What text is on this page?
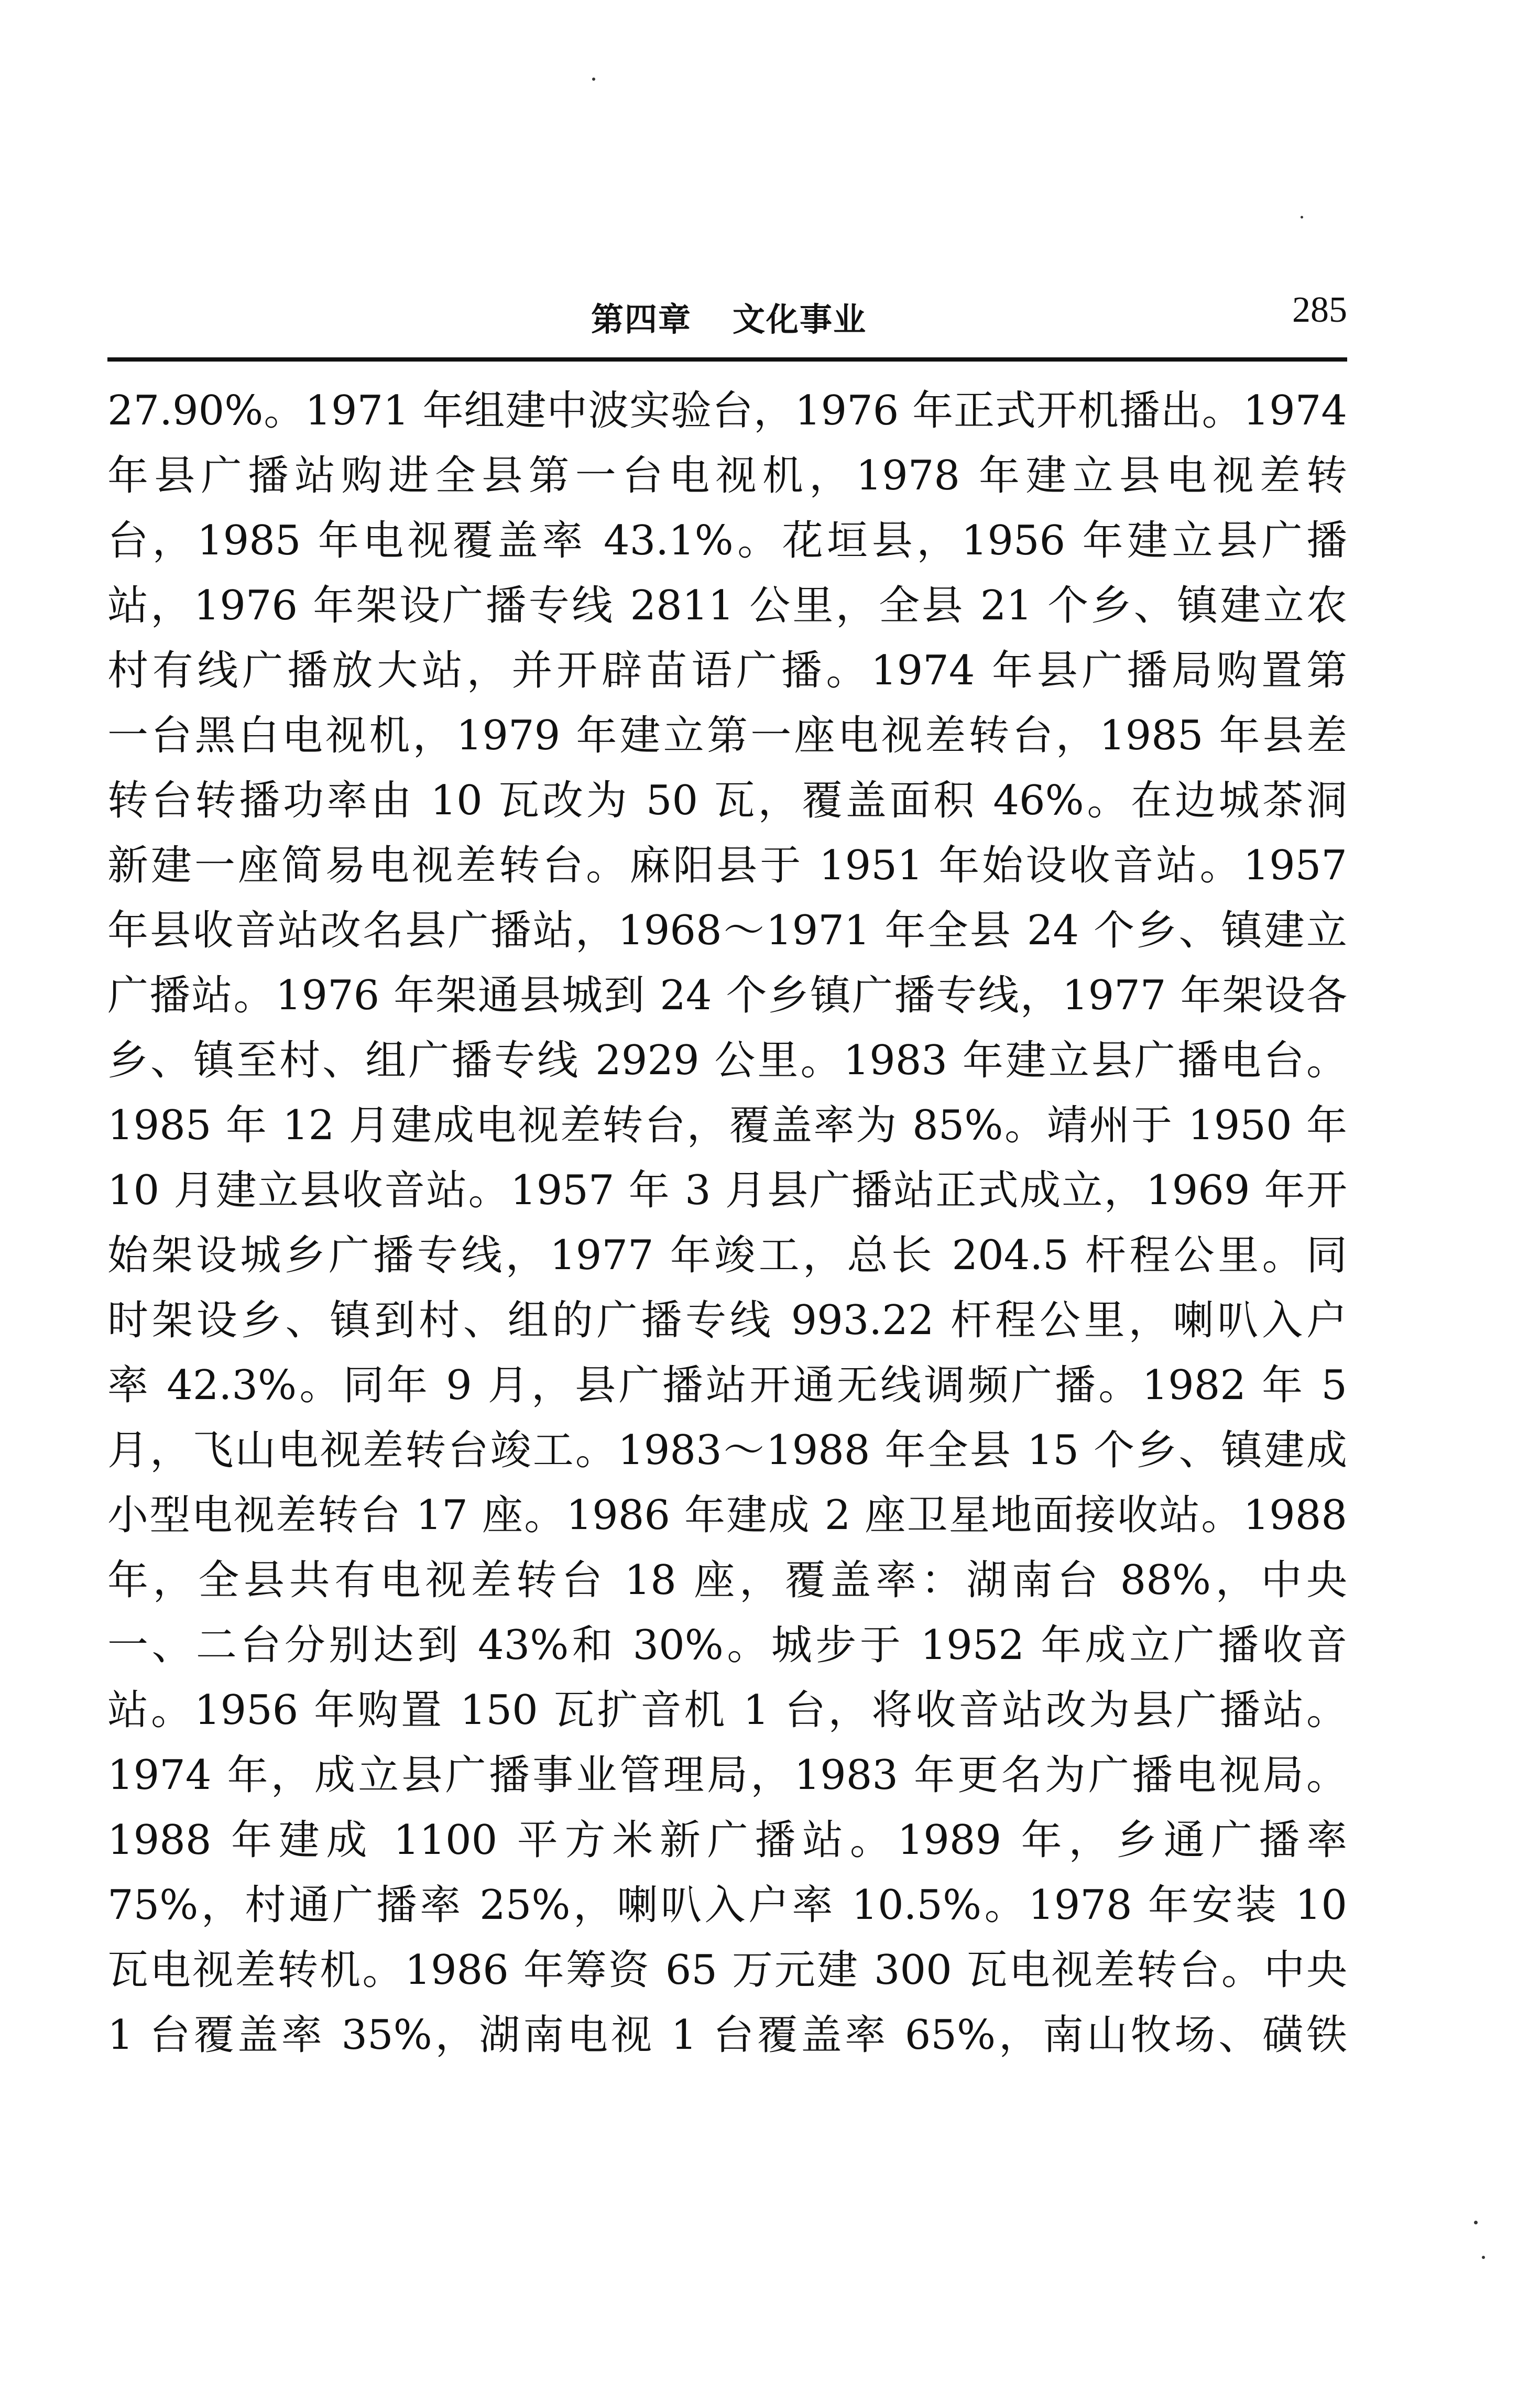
第四章 文化事业	285
27.90%。1971 年组建中波实验台，1976 年正式开机播出。1974
年县广播站购进全县第一台电视机，1978 年建立县电视差转
台，1985 年电视覆盖率 43.1%。花垣县，1956 年建立县广播
站，1976 年架设广播专线 2811 公里，全县 21 个乡、镇建立农
村有线广播放大站，并开辟苗语广播。1974 年县广播局购置第
一台黑白电视机，1979 年建立第一座电视差转台，1985 年县差
转台转播功率由 10 瓦改为 50 瓦，覆盖面积 46%。在边城茶洞
新建一座简易电视差转台。麻阳县于 1951 年始设收音站。1957
年县收音站改名县广播站，1968～1971 年全县 24 个乡、镇建立
广播站。1976 年架通县城到 24 个乡镇广播专线，1977 年架设各
乡、镇至村、组广播专线 2929 公里。1983 年建立县广播电台。
1985 年 12 月建成电视差转台，覆盖率为 85%。靖州于 1950 年
10 月建立县收音站。1957 年 3 月县广播站正式成立，1969 年开
始架设城乡广播专线，1977 年竣工，总长 204.5 杆程公里。同
时架设乡、镇到村、组的广播专线 993.22 杆程公里，喇叭入户
率 42.3%。同年 9 月，县广播站开通无线调频广播。1982 年 5
月，飞山电视差转台竣工。1983～1988 年全县 15 个乡、镇建成
小型电视差转台 17 座。1986 年建成 2 座卫星地面接收站。1988
年，全县共有电视差转台 18 座，覆盖率：湖南台 88%，中央
一、二台分别达到 43%和 30%。城步于 1952 年成立广播收音
站。1956 年购置 150 瓦扩音机 1 台，将收音站改为县广播站。
1974 年，成立县广播事业管理局，1983 年更名为广播电视局。
1988 年建成 1100 平方米新广播站。1989 年，乡通广播率
75%，村通广播率 25%，喇叭入户率 10.5%。1978 年安装 10
瓦电视差转机。1986 年筹资 65 万元建 300 瓦电视差转台。中央
1 台覆盖率 35%，湖南电视 1 台覆盖率 65%，南山牧场、磺铁
